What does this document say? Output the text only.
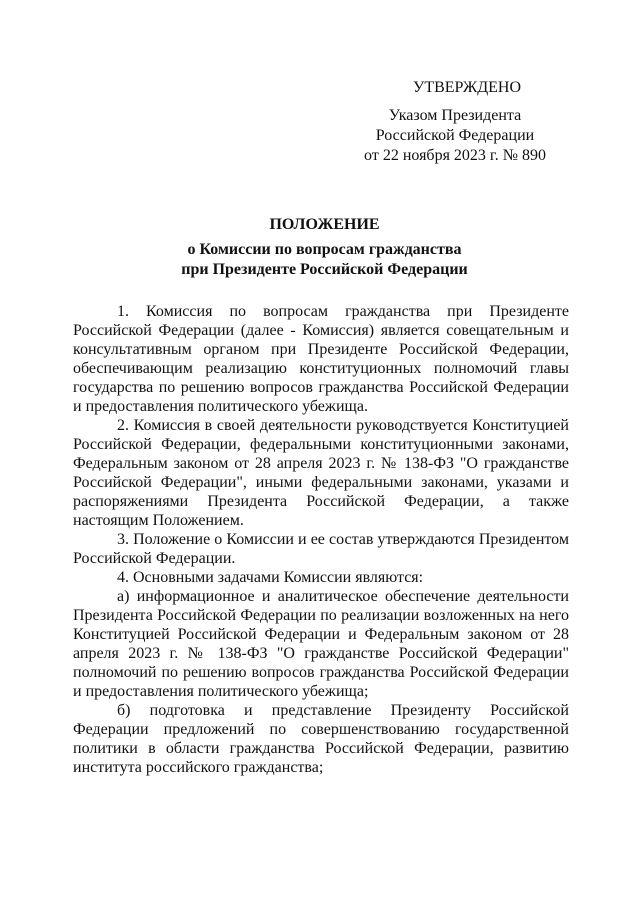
УТВЕРЖДЕНО
Указом Президента
Российской Федерации
от 22 ноября 2023 г. № 890
ПОЛОЖЕНИЕ
о Комиссии по вопросам гражданства
при Президенте Российской Федерации

1. Комиссия по вопросам гражданства при Президенте Российской Федерации (далее - Комиссия) является совещательным и консультативным органом при Президенте Российской Федерации, обеспечивающим реализацию конституционных полномочий главы государства по решению вопросов гражданства Российской Федерации и предоставления политического убежища.

2. Комиссия в своей деятельности руководствуется Конституцией Российской Федерации, федеральными конституционными законами, Федеральным законом от 28 апреля 2023 г. № 138-ФЗ "О гражданстве Российской Федерации", иными федеральными законами, указами и распоряжениями Президента Российской Федерации, а также настоящим Положением.

3. Положение о Комиссии и ее состав утверждаются Президентом Российской Федерации.

4. Основными задачами Комиссии являются:

а) информационное и аналитическое обеспечение деятельности Президента Российской Федерации по реализации возложенных на него Конституцией Российской Федерации и Федеральным законом от 28 апреля 2023 г. № 138-ФЗ "О гражданстве Российской Федерации" полномочий по решению вопросов гражданства Российской Федерации и предоставления политического убежища;

б) подготовка и представление Президенту Российской Федерации предложений по совершенствованию государственной политики в области гражданства Российской Федерации, развитию института российского гражданства;
